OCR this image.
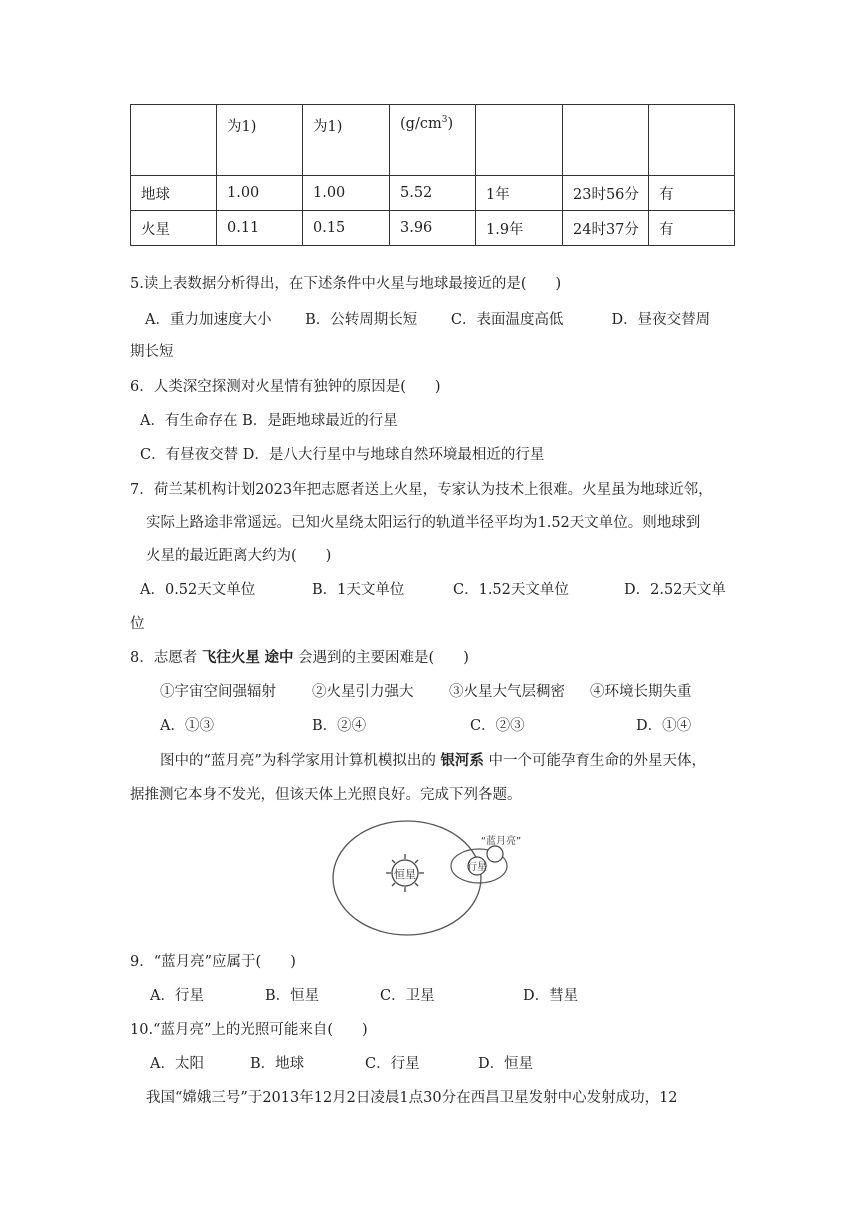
	为1)	为1)	$(g/cm^3)$			
地球	1.00	1.00	5.52	1年	23时56分	有
火星	0.11	0.15	3.96	1.9年	24时37分	有
5.读上表数据分析得出，在下述条件中火星与地球最接近的是(　　)
A．重力加速度大小　　 B．公转周期长短　　 C．表面温度高低　　　 D．昼夜交替周
期长短
6．人类深空探测对火星情有独钟的原因是(　　)
A．有生命存在 B．是距地球最近的行星
C．有昼夜交替 D．是八大行星中与地球自然环境最相近的行星
7．荷兰某机构计划2023年把志愿者送上火星，专家认为技术上很难。火星虽为地球近邻，
实际上路途非常遥远。已知火星绕太阳运行的轨道半径平均为1.52天文单位。则地球到
火星的最近距离大约为(　　)
A．0.52天文单位	B．1天文单位	C．1.52天文单位	D．2.52天文单
位
8．志愿者 飞往火星 途中 会遇到的主要困难是(　　)
①宇宙空间强辐射 ②火星引力强大 ③火星大气层稠密 ④环境长期失重
A．①③	B．②④	C．②③	D．①④
图中的“蓝月亮”为科学家用计算机模拟出的 银河系 中一个可能孕育生命的外星天体，
据推测它本身不发光，但该天体上光照良好。完成下列各题。
恒星
行星
“蓝月亮”
9．“蓝月亮”应属于(　　)
A．行星	B．恒星	C．卫星	D．彗星
10.“蓝月亮”上的光照可能来自(　　)
A．太阳	B．地球	C．行星	D．恒星
我国“嫦娥三号”于2013年12月2日凌晨1点30分在西昌卫星发射中心发射成功，12
